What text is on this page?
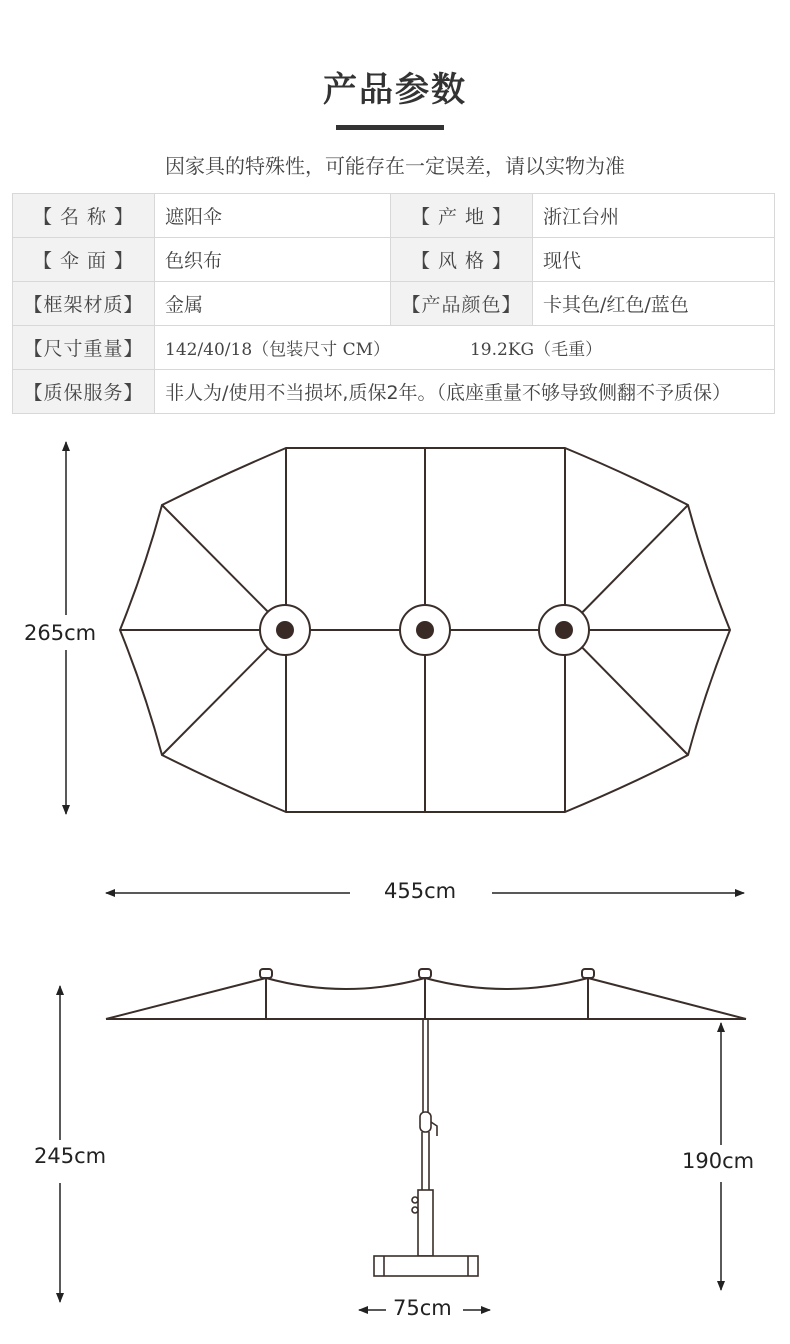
产品参数
因家具的特殊性，可能存在一定误差，请以实物为准
【 名 称 】	遮阳伞	【 产 地 】	浙江台州
【 伞 面 】	色织布	【 风 格 】	现代
【框架材质】	金属	【产品颜色】	卡其色/红色/蓝色
【尺寸重量】	142/40/18（包装尺寸 CM） 19.2KG（毛重）		
【质保服务】	非人为/使用不当损坏,质保2年。（底座重量不够导致侧翻不予质保）		
265cm
455cm
245cm	190cm
75cm
